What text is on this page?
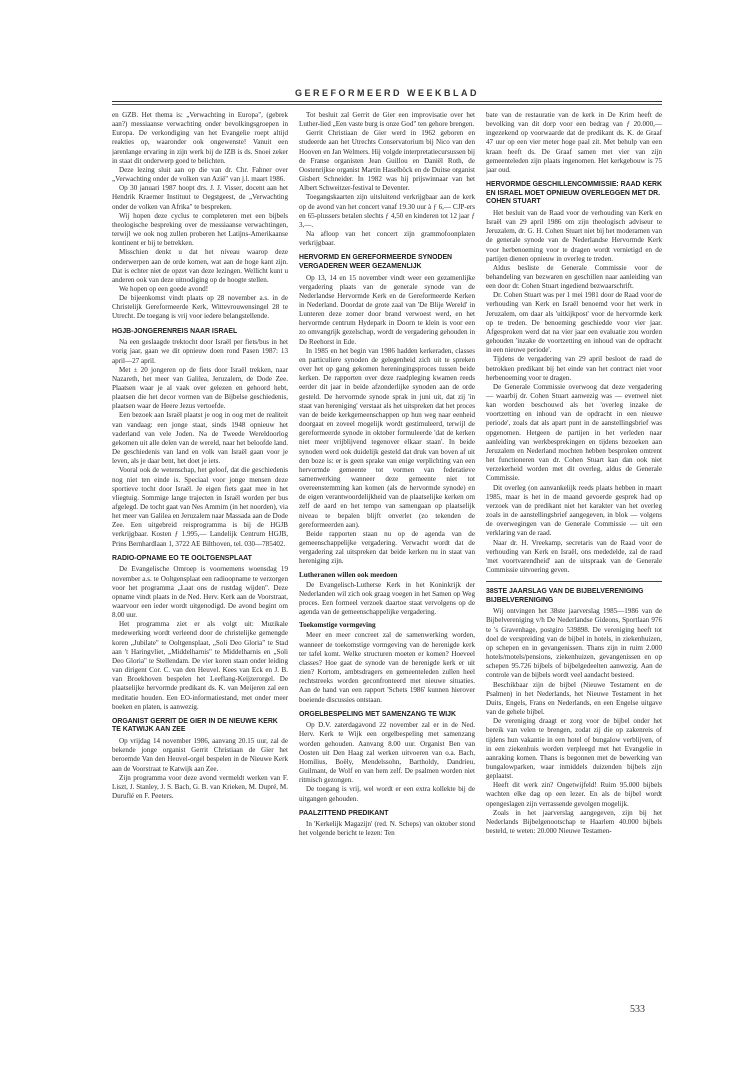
GEREFORMEERD WEEKBLAD

en GZB. Het thema is: „Verwachting in Europa", (gebrek aan?) messiaanse verwachting onder bevolkingsgroepen in Europa. De verkondiging van het Evangelie roept altijd reakties op, waaronder ook ongewenste! Vanuit een jarenlange ervaring in zijn werk bij de IZB is ds. Snoei zeker in staat dit onderwerp goed te belichten.

Deze lezing sluit aan op die van dr. Chr. Fahner over „Verwachting onder de volken van Azië" van j.l. maart 1986.

Op 30 januari 1987 hoopt drs. J. J. Visser, docent aan het Hendrik Kraemer Instituut te Oegstgeest, de „Verwachting onder de volken van Afrika" te bespreken.

Wij hopen deze cyclus te completeren met een bijbels theologische bespreking over de messiaanse verwachtingen, terwijl we ook nog zullen proberen het Latijns-Amerikaanse kontinent er bij te betrekken.

Misschien denkt u dat het niveau waarop deze onderwerpen aan de orde komen, wat aan de hoge kant zijn. Dat is echter niet de opzet van deze lezingen. Wellicht kunt u anderen ook van deze uitnodiging op de hoogte stellen.

We hopen op een goede avond!

De bijeenkomst vindt plaats op 28 november a.s. in de Christelijk Gereformeerde Kerk, Wittevrouwensingel 28 te Utrecht. De toegang is vrij voor iedere belangstellende.

HGJB-JONGERENREIS NAAR ISRAEL

Na een geslaagde trektocht door Israël per fiets/bus in het vorig jaar, gaan we dit opnieuw doen rond Pasen 1987: 13 april—27 april.

Met ± 20 jongeren op de fiets door Israël trekken, naar Nazareth, het meer van Galilea, Jeruzalem, de Dode Zee. Plaatsen waar je al vaak over gelezen en gehoord hebt, plaatsen die het decor vormen van de Bijbelse geschiedenis, plaatsen waar de Heere Jezus vertoefde.

Een bezoek aan Israël plaatst je oog in oog met de realiteit van vandaag: een jonge staat, sinds 1948 opnieuw het vaderland van vele Joden. Na de Tweede Wereldoorlog gekomen uit alle delen van de wereld, naar het beloofde land. De geschiedenis van land en volk van Israël gaan voor je leven, als je daar bent, het doet je iets.

Vooral ook de wetenschap, het geloof, dat die geschiedenis nog niet ten einde is. Speciaal voor jonge mensen deze sportieve tocht door Israël. Je eigen fiets gaat mee in het vliegtuig. Sommige lange trajecten in Israël worden per bus afgelegd. De tocht gaat van Nes Ammim (in het noorden), via het meer van Galilea en Jeruzalem naar Massada aan de Dode Zee. Een uitgebreid reisprogramma is bij de HGJB verkrijgbaar. Kosten ƒ 1.995,— Landelijk Centrum HGJB, Prins Bernhardlaan 1, 3722 AE Bilthoven, tel. 030—785402.

RADIO-OPNAME EO TE OOLTGENSPLAAT

De Evangelische Omroep is voornemens woensdag 19 november a.s. te Ooltgensplaat een radioopname te verzorgen voor het programma „Laat ons de rustdag wijden". Deze opname vindt plaats in de Ned. Herv. Kerk aan de Voorstraat, waarvoor een ieder wordt uitgenodigd. De avond begint om 8.00 uur.

Het programma ziet er als volgt uit: Muzikale medewerking wordt verleend door de christelijke gemengde koren „Jubilate" te Ooltgensplaat, „Soli Deo Gloria" te Stad aan 't Haringvliet, „Middelharnis" te Middelharnis en „Soli Deo Gloria" te Stellendam. De vier koren staan onder leiding van dirigent Cor. C. van den Heuvel. Kees van Eck en J. B. van Broekhoven bespelen het Leeflang-Keijzerorgel. De plaatselijke hervormde predikant ds. K. van Meijeren zal een meditatie houden. Een EO-informatiestand, met onder meer boeken en platen, is aanwezig.

ORGANIST GERRIT DE GIER IN DE NIEUWE KERK TE KATWIJK AAN ZEE

Op vrijdag 14 november 1986, aanvang 20.15 uur, zal de bekende jonge organist Gerrit Christiaan de Gier het beroemde Van den Heuvel-orgel bespelen in de Nieuwe Kerk aan de Voorstraat te Katwijk aan Zee.

Zijn programma voor deze avond vermeldt werken van F. Liszt, J. Stanley, J. S. Bach, G. B. van Krieken, M. Dupré, M. Duruflé en F. Peeters.

Tot besluit zal Gerrit de Gier een improvisatie over het Luther-lied „Een vaste burg is onze God" ten gehore brengen.

Gerrit Christiaan de Gier werd in 1962 geboren en studeerde aan het Utrechts Conservatorium bij Nico van den Hooven en Jan Welmers. Hij volgde interpretatiecursussen bij de Franse organisten Jean Guillou en Daniël Roth, de Oostenrijkse organist Martin Haselböck en de Duitse organist Gisbert Schneider. In 1982 was hij prijswinnaar van het Albert Schweitzer-festival te Deventer.

Toegangskaarten zijn uitsluitend verkrijgbaar aan de kerk op de avond van het concert vanaf 19.30 uur à ƒ 6,— CJP-ers en 65-plussers betalen slechts ƒ 4,50 en kinderen tot 12 jaar ƒ 3,—.

Na afloop van het concert zijn grammofoonplaten verkrijgbaar.

HERVORMD EN GEREFORMEERDE SYNODEN VERGADEREN WEER GEZAMENLIJK

Op 13, 14 en 15 november vindt weer een gezamenlijke vergadering plaats van de generale synode van de Nederlandse Hervormde Kerk en de Gereformeerde Kerken in Nederland. Doordat de grote zaal van 'De Blije Wereld' in Lunteren deze zomer door brand verwoest werd, en het hervormde centrum Hydepark in Doorn te klein is voor een zo omvangrijk gezelschap, wordt de vergadering gehouden in De Reehorst in Ede.

In 1985 en het begin van 1986 hadden kerkeraden, classes en particuliere synoden de gelegenheid zich uit te spreken over het op gang gekomen hereningingsproces tussen beide kerken. De rapporten over deze raadpleging kwamen reeds eerder dit jaar in beide afzonderlijke synoden aan de orde gesteld. De hervormde synode sprak in juni uit, dat zij 'in staat van hereniging' verstaat als het uitspreken dat het proces van de beide kerkgemeenschappen op hun weg naar eenheid doorgaat en zoveel mogelijk wordt gestimuleerd, terwijl de gereformeerde synode in oktober formuleerde 'dat de kerken niet meer vrijblijvend tegenover elkaar staan'. In beide synoden werd ook duidelijk gesteld dat druk van boven af uit den boze is: er is geen sprake van enige verplichting van een hervormde gemeente tot vormen van federatieve samenwerking wanneer deze gemeente niet tot overeenstemming kan komen (als de hervormde synode) en de eigen verantwoordelijkheid van de plaatselijke kerken om zelf de aard en het tempo van samengaan op plaatselijk niveau te bepalen blijft onverlet (zo tekenden de gereformeerden aan).

Beide rapporten staan nu op de agenda van de gemeenschappelijke vergadering. Verwacht wordt dat de vergadering zal uitspreken dat beide kerken nu in staat van hereniging zijn.

Lutheranen willen ook meedoen

De Evangelisch-Lutherse Kerk in het Koninkrijk der Nederlanden wil zich ook graag voegen in het Samen op Weg proces. Een formeel verzoek daartoe staat vervolgens op de agenda van de gemeenschappelijke vergadering.

Toekomstige vormgeving

Meer en meer concreet zal de samenwerking worden, wanneer de toekomstige vormgeving van de herenigde kerk ter tafel komt. Welke structuren moeten er komen? Hoeveel classes? Hoe gaat de synode van de herenigde kerk er uit zien? Kortom, ambtsdragers en gemeenteleden zullen heel rechtstreeks worden geconfronteerd met nieuwe situaties. Aan de hand van een rapport 'Schets 1986' kunnen hierover boeiende discussies ontstaan.

ORGELBESPELING MET SAMENZANG TE WIJK

Op D.V. zaterdagavond 22 november zal er in de Ned. Herv. Kerk te Wijk een orgelbespeling met samenzang worden gehouden. Aanvang 8.00 uur. Organist Ben van Oosten uit Den Haag zal werken uitvoeren van o.a. Bach, Homilius, Boëly, Mendelssohn, Bartholdy, Dandrieu, Guilmant, de Wolf en van hem zelf. De psalmen worden niet ritmisch gezongen.

De toegang is vrij, wel wordt er een extra kollekte bij de uitgangen gehouden.

PAALZITTEND PREDIKANT

In 'Kerkelijk Magazijn' (red. N. Scheps) van oktober stond het volgende bericht te lezen: Ten

bate van de restauratie van de kerk in De Krim heeft de bevolking van dit dorp voor een bedrag van ƒ 20.000,— ingezekend op voorwaarde dat de predikant ds. K. de Graaf 47 uur op een vier meter hoge paal zit. Met behulp van een kraan heeft ds. De Graaf samen met vier van zijn gemeenteleden zijn plaats ingenomen. Het kerkgebouw is 75 jaar oud.

HERVORMDE GESCHILLENCOMMISSIE: RAAD KERK EN ISRAEL MOET OPNIEUW OVERLEGGEN MET DR. COHEN STUART

Het besluit van de Raad voor de verhouding van Kerk en Israël van 29 april 1986 om zijn theologisch adviseur te Jeruzalem, dr. G. H. Cohen Stuart niet bij het moderamen van de generale synode van de Nederlandse Hervormde Kerk voor herbenoeming voor te dragen wordt vernietigd en de partijen dienen opnieuw in overleg te treden.

Aldus besliste de Generale Commissie voor de behandeling van bezwaren en geschillen naar aanleiding van een door dr. Cohen Stuart ingediend bezwaarschrift.

Dr. Cohen Stuart was per 1 mei 1981 door de Raad voor de verhouding van Kerk en Israël benoemd voor het werk in Jeruzalem, om daar als 'uitkijkpost' voor de hervormde kerk op te treden. De benoeming geschiedde voor vier jaar. Afgesproken werd dat na vier jaar een evaluatie zou worden gehouden 'inzake de voortzetting en inhoud van de opdracht in een nieuwe periode'.

Tijdens de vergadering van 29 april besloot de raad de betrokken predikant bij het einde van het contract niet voor herbenoeming voor te dragen.

De Generale Commissie overwoog dat deze vergadering — waarbij dr. Cohen Stuart aanwezig was — evenwel niet kan worden beschouwd als het 'overleg inzake de voortzetting en inhoud van de opdracht in een nieuwe periode', zoals dat als apart punt in de aanstellingsbrief was opgenomen. Hetgeen de partijen in het verleden naar aanleiding van werkbesprekingen en tijdens bezoeken aan Jeruzalem en Nederland mochten hebben besproken omtrent het functioneren van dr. Cohen Stuart kan dan ook niet verzekerheid worden met dit overleg, aldus de Generale Commissie.

Dit overleg (on aanvankelijk reeds plaats hebben in maart 1985, maar is het in de maand gevoerde gesprek had op verzoek van de predikant niet het karakter van het overleg zoals in de aanstellingsbrief aangegeven, in blok — volgens de overwegingen van de Generale Commissie — uit een verklaring van de raad.

Naar dr. H. Vreekamp, secretaris van de Raad voor de verhouding van Kerk en Israël, ons mededelde, zal de raad 'met voortvarendheid' aan de uitspraak van de Generale Commissie uitvoering geven.

38STE JAARSLAG VAN DE BIJBELVERENIGING BIJBELVERENIGING

Wij ontvingen het 38ste jaarverslag 1985—1986 van de Bijbelvereniging v/h De Nederlandse Gideons, Sportlaan 976 te 's Gravenhage, postgiro 539898. De vereniging heeft tot doel de verspreiding van de bijbel in hotels, in ziekenhuizen, op schepen en in gevangenissen. Thans zijn in ruim 2.000 hotels/motels/pensions, ziekenhuizen, gevangenissen en op schepen 95.726 bijbels of bijbelgedeelten aanwezig. Aan de controle van de bijbels wordt veel aandacht besteed.

Beschikbaar zijn de bijbel (Nieuwe Testament en de Psalmen) in het Nederlands, het Nieuwe Testament in het Duits, Engels, Frans en Nederlands, en een Engelse uitgave van de gehele bijbel.

De vereniging draagt er zorg voor de bijbel onder het bereik van velen te brengen, zodat zij die op zakenreis of tijdens hun vakantie in een hotel of bungalow verblijven, of in een ziekenhuis worden verpleegd met het Evangelie in aanraking komen. Thans is begonnen met de bewerking van bungalowparken, waar inmiddels duizenden bijbels zijn geplaatst.

Heeft dit werk zin? Ongetwijfeld! Ruim 95.000 bijbels wachten elke dag op een lezer. En als de bijbel wordt opengeslagen zijn verrassende gevolgen mogelijk.

Zoals in het jaarverslag aangegeven, zijn bij het Nederlands Bijbelgenootschap te Haarlem 40.000 bijbels besteld, te weten: 20.000 Nieuwe Testamen-

533
